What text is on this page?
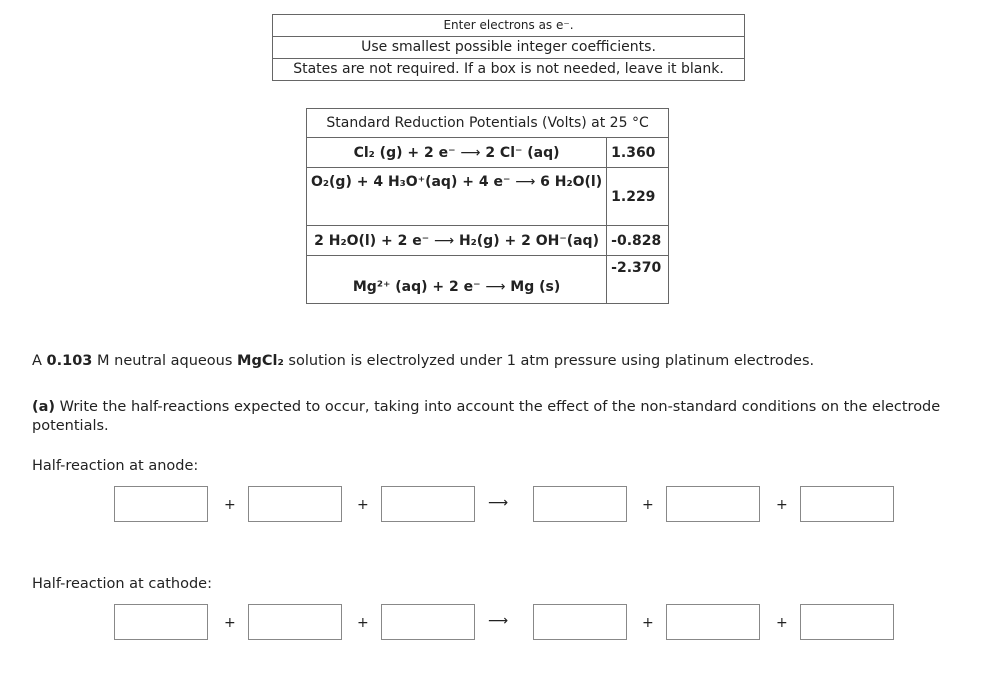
Enter electrons as e⁻.
Use smallest possible integer coefficients.
States are not required. If a box is not needed, leave it blank.
Standard Reduction Potentials (Volts) at 25 °C	
Cl₂ (g) + 2 e⁻ ⟶ 2 Cl⁻ (aq)	1.360
O₂(g) + 4 H₃O⁺(aq) + 4 e⁻ ⟶ 6 H₂O(l)	1.229
2 H₂O(l) + 2 e⁻ ⟶ H₂(g) + 2 OH⁻(aq)	-0.828
Mg²⁺ (aq) + 2 e⁻ ⟶ Mg (s)	-2.370
A 0.103 M neutral aqueous MgCl₂ solution is electrolyzed under 1 atm pressure using platinum electrodes.
(a) Write the half-reactions expected to occur, taking into account the effect of the non-standard conditions on the electrode potentials.
Half-reaction at anode:
+	+	⟶	+	+
Half-reaction at cathode:
+	+	⟶	+	+
